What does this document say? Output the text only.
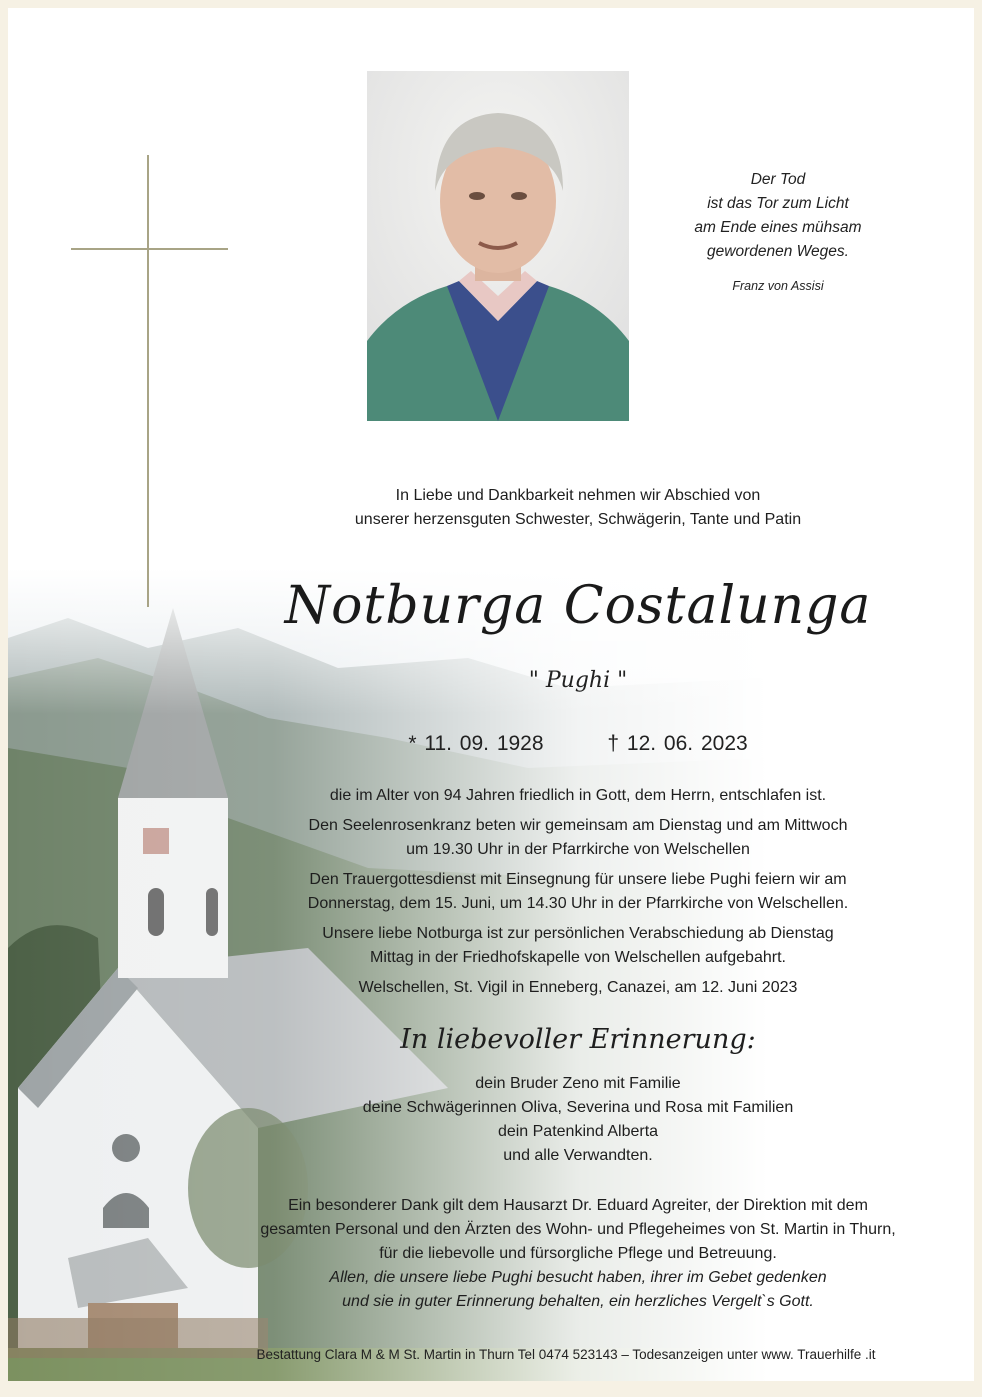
Der Tod
ist das Tor zum Licht
am Ende eines mühsam
gewordenen Weges.
Franz von Assisi
In Liebe und Dankbarkeit nehmen wir Abschied von
unserer herzensguten Schwester, Schwägerin, Tante und Patin
Notburga Costalunga
" Pughi "
* 11. 09. 1928	† 12. 06. 2023

die im Alter von 94 Jahren friedlich in Gott, dem Herrn, entschlafen ist.

Den Seelenrosenkranz beten wir gemeinsam am Dienstag und am Mittwoch
um 19.30 Uhr in der Pfarrkirche von Welschellen

Den Trauergottesdienst mit Einsegnung für unsere liebe Pughi feiern wir am
Donnerstag, dem 15. Juni, um 14.30 Uhr in der Pfarrkirche von Welschellen.

Unsere liebe Notburga ist zur persönlichen Verabschiedung ab Dienstag
Mittag in der Friedhofskapelle von Welschellen aufgebahrt.

Welschellen, St. Vigil in Enneberg, Canazei, am 12. Juni 2023

In liebevoller Erinnerung:
dein Bruder Zeno mit Familie
deine Schwägerinnen Oliva, Severina und Rosa mit Familien
dein Patenkind Alberta
und alle Verwandten.
Ein besonderer Dank gilt dem Hausarzt Dr. Eduard Agreiter, der Direktion mit dem
gesamten Personal und den Ärzten des Wohn- und Pflegeheimes von St. Martin in Thurn,
für die liebevolle und fürsorgliche Pflege und Betreuung.
Allen, die unsere liebe Pughi besucht haben, ihrer im Gebet gedenken
und sie in guter Erinnerung behalten, ein herzliches Vergelt`s Gott.
Bestattung Clara M & M St. Martin in Thurn Tel 0474 523143 – Todesanzeigen unter www. Trauerhilfe .it
